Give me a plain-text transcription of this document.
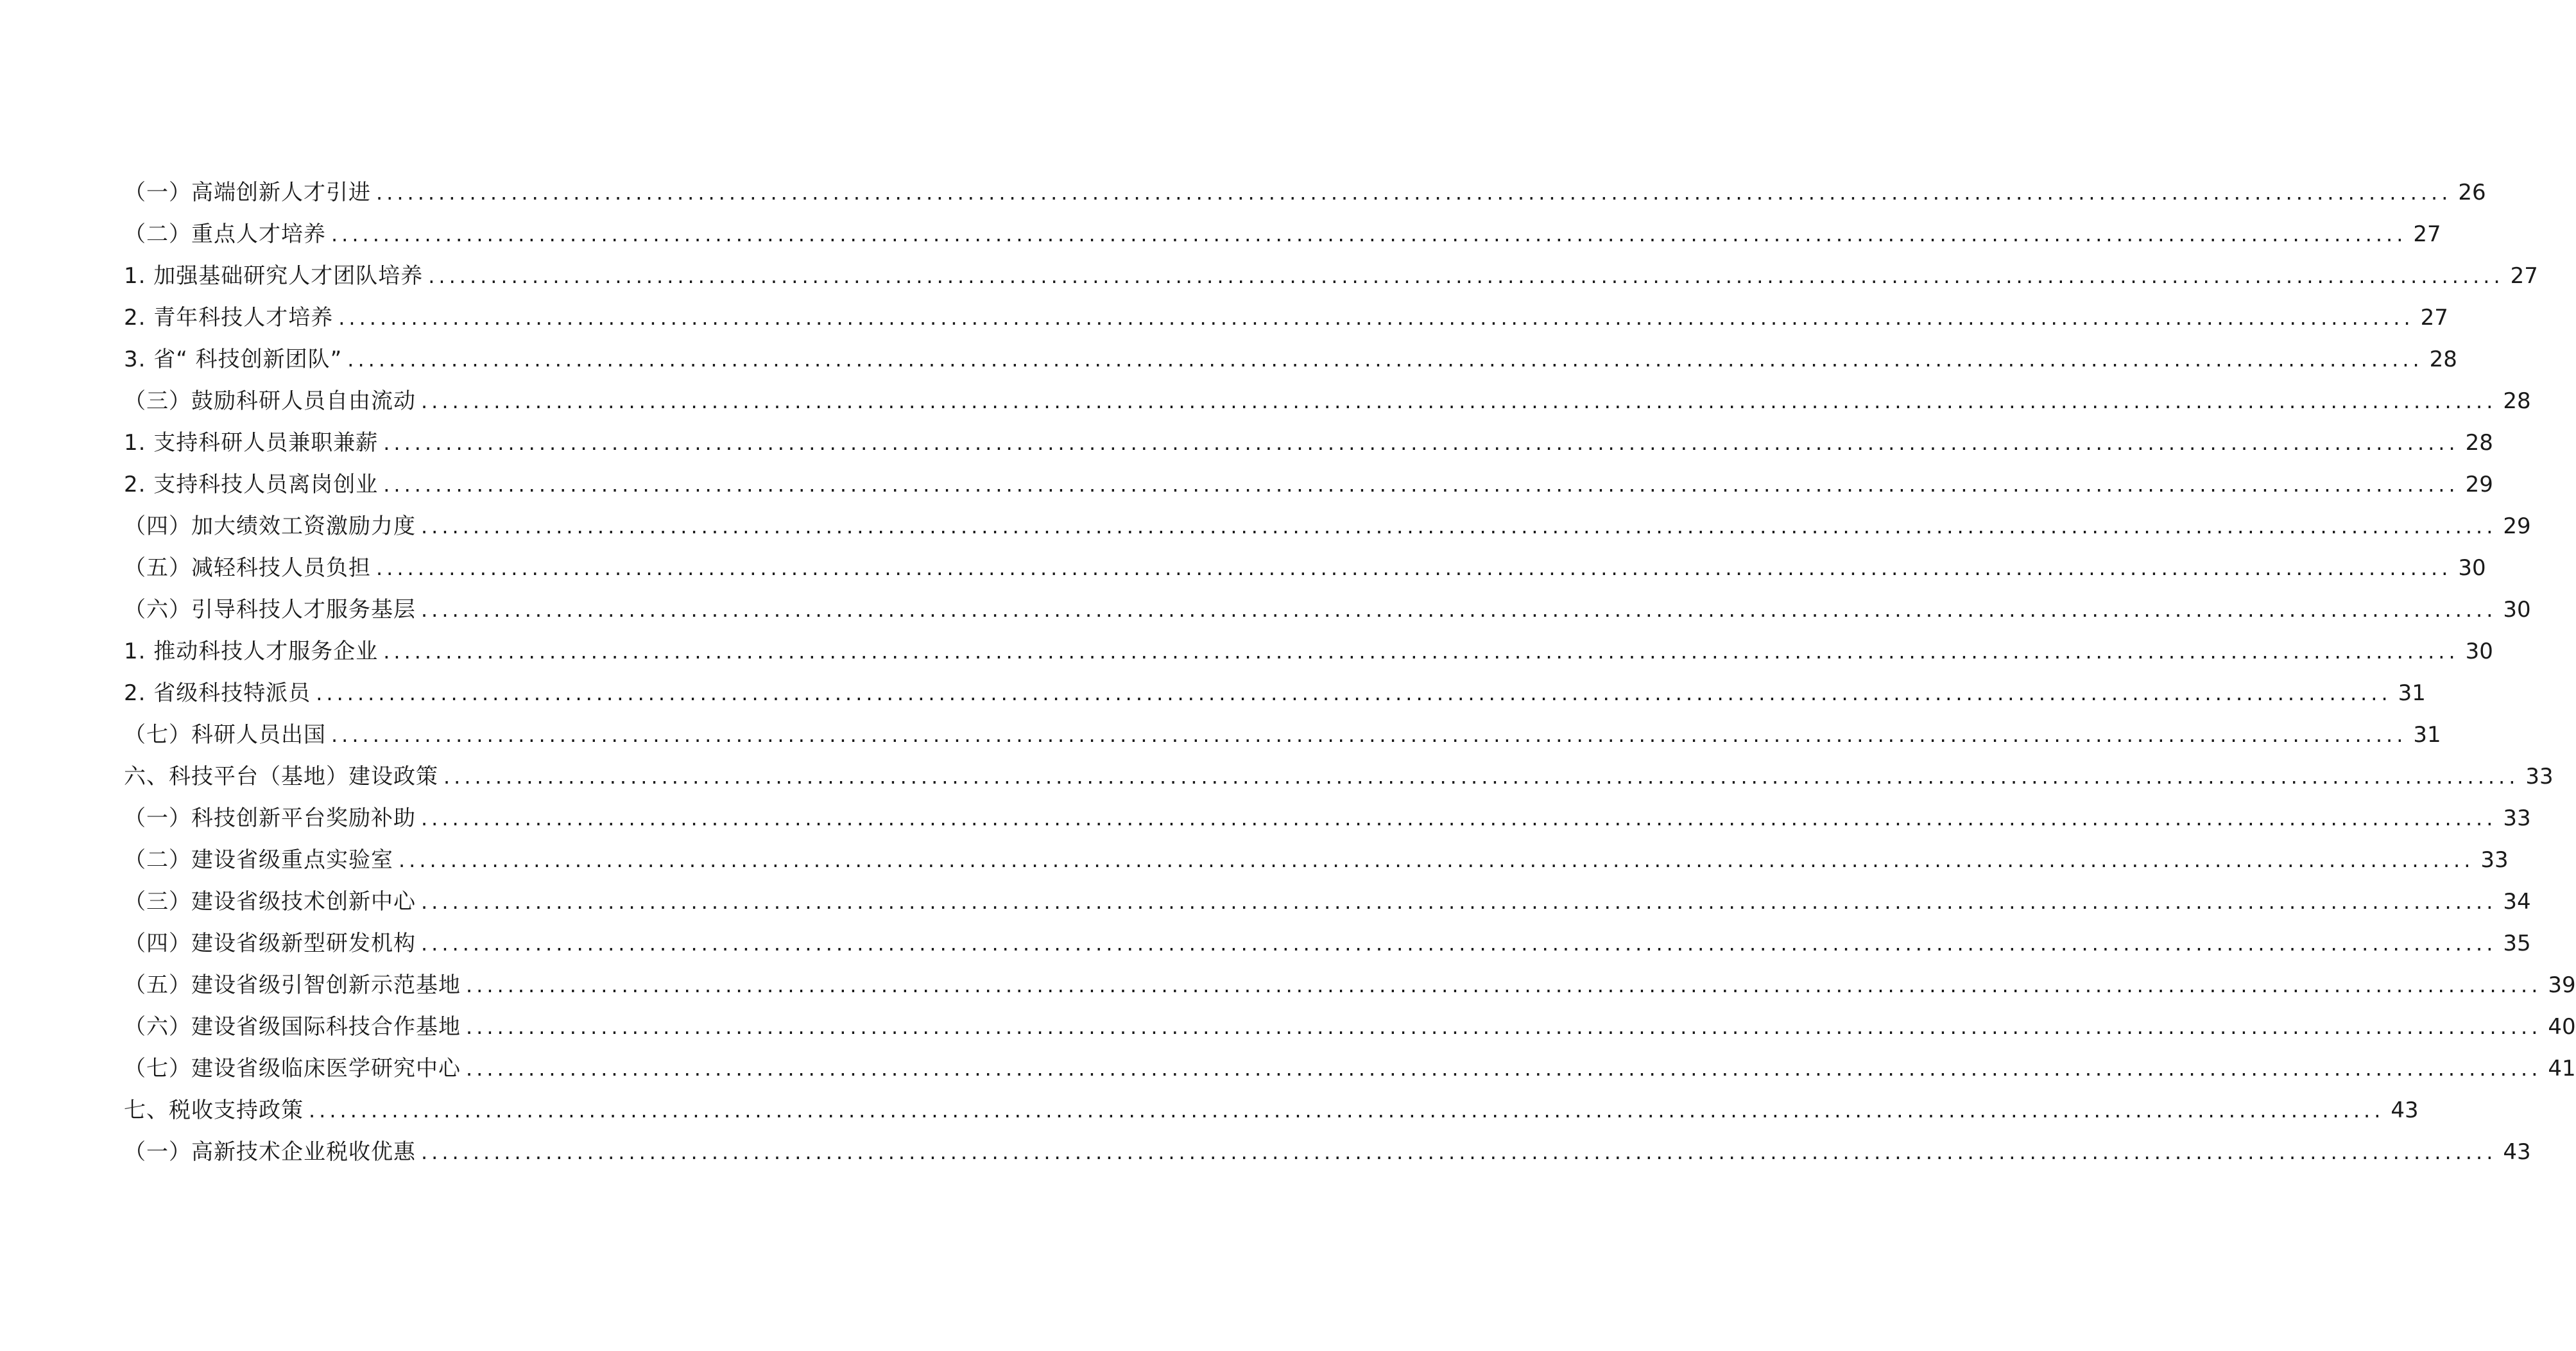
（一）高端创新人才引进 ........................................................................................................................................................................................................ 26
（二）重点人才培养 ........................................................................................................................................................................................................ 27
1. 加强基础研究人才团队培养 ........................................................................................................................................................................................................ 27
2. 青年科技人才培养 ........................................................................................................................................................................................................ 27
3. 省“ 科技创新团队” ........................................................................................................................................................................................................ 28
（三）鼓励科研人员自由流动 ........................................................................................................................................................................................................ 28
1. 支持科研人员兼职兼薪 ........................................................................................................................................................................................................ 28
2. 支持科技人员离岗创业 ........................................................................................................................................................................................................ 29
（四）加大绩效工资激励力度 ........................................................................................................................................................................................................ 29
（五）减轻科技人员负担 ........................................................................................................................................................................................................ 30
（六）引导科技人才服务基层 ........................................................................................................................................................................................................ 30
1. 推动科技人才服务企业 ........................................................................................................................................................................................................ 30
2. 省级科技特派员 ........................................................................................................................................................................................................ 31
（七）科研人员出国 ........................................................................................................................................................................................................ 31
六、科技平台（基地）建设政策 ........................................................................................................................................................................................................ 33
（一）科技创新平台奖励补助 ........................................................................................................................................................................................................ 33
（二）建设省级重点实验室 ........................................................................................................................................................................................................ 33
（三）建设省级技术创新中心 ........................................................................................................................................................................................................ 34
（四）建设省级新型研发机构 ........................................................................................................................................................................................................ 35
（五）建设省级引智创新示范基地 ........................................................................................................................................................................................................ 39
（六）建设省级国际科技合作基地 ........................................................................................................................................................................................................ 40
（七）建设省级临床医学研究中心 ........................................................................................................................................................................................................ 41
七、税收支持政策 ........................................................................................................................................................................................................ 43
（一）高新技术企业税收优惠 ........................................................................................................................................................................................................ 43
